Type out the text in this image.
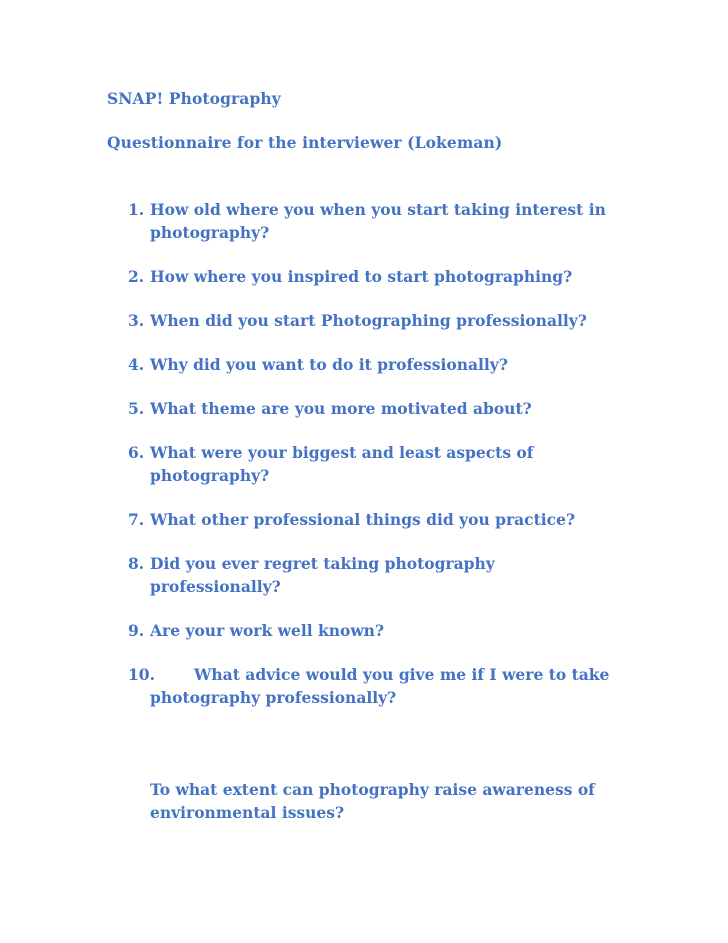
SNAP! Photography
Questionnaire for the interviewer (Lokeman)
1. How old where you when you start taking interest in photography?
2. How where you inspired to start photographing?
3. When did you start Photographing professionally?
4. Why did you want to do it professionally?
5. What theme are you more motivated about?
6. What were your biggest and least aspects of photography?
7. What other professional things did you practice?
8. Did you ever regret taking photography professionally?
9. Are your work well known?
10.	What advice would you give me if I were to take photography professionally?
To what extent can photography raise awareness of environmental issues?
